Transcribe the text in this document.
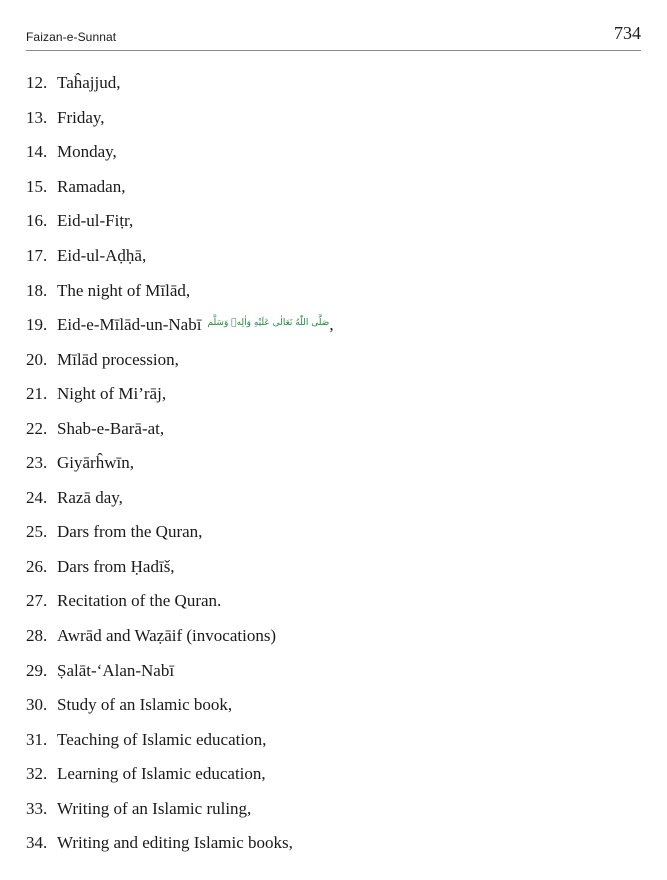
Faizan-e-Sunnat	734
12. Taĥajjud,
13. Friday,
14. Monday,
15. Ramadan,
16. Eid-ul-Fiṭr,
17. Eid-ul-Aḍḥā,
18. The night of Mīlād,
19. Eid-e-Mīlād-un-Nabī صَلَّى اللّٰهُ تَعَالٰى عَلَيْهِ وَاٰلِهٖ وَسَلَّم ,
20. Mīlād procession,
21. Night of Mi’rāj,
22. Shab-e-Barā-at,
23. Giyārĥwīn,
24. Razā day,
25. Dars from the Quran,
26. Dars from Ḥadīš,
27. Recitation of the Quran.
28. Awrād and Waẓāif (invocations)
29. Ṣalāt-‘Alan-Nabī
30. Study of an Islamic book,
31. Teaching of Islamic education,
32. Learning of Islamic education,
33. Writing of an Islamic ruling,
34. Writing and editing Islamic books,
